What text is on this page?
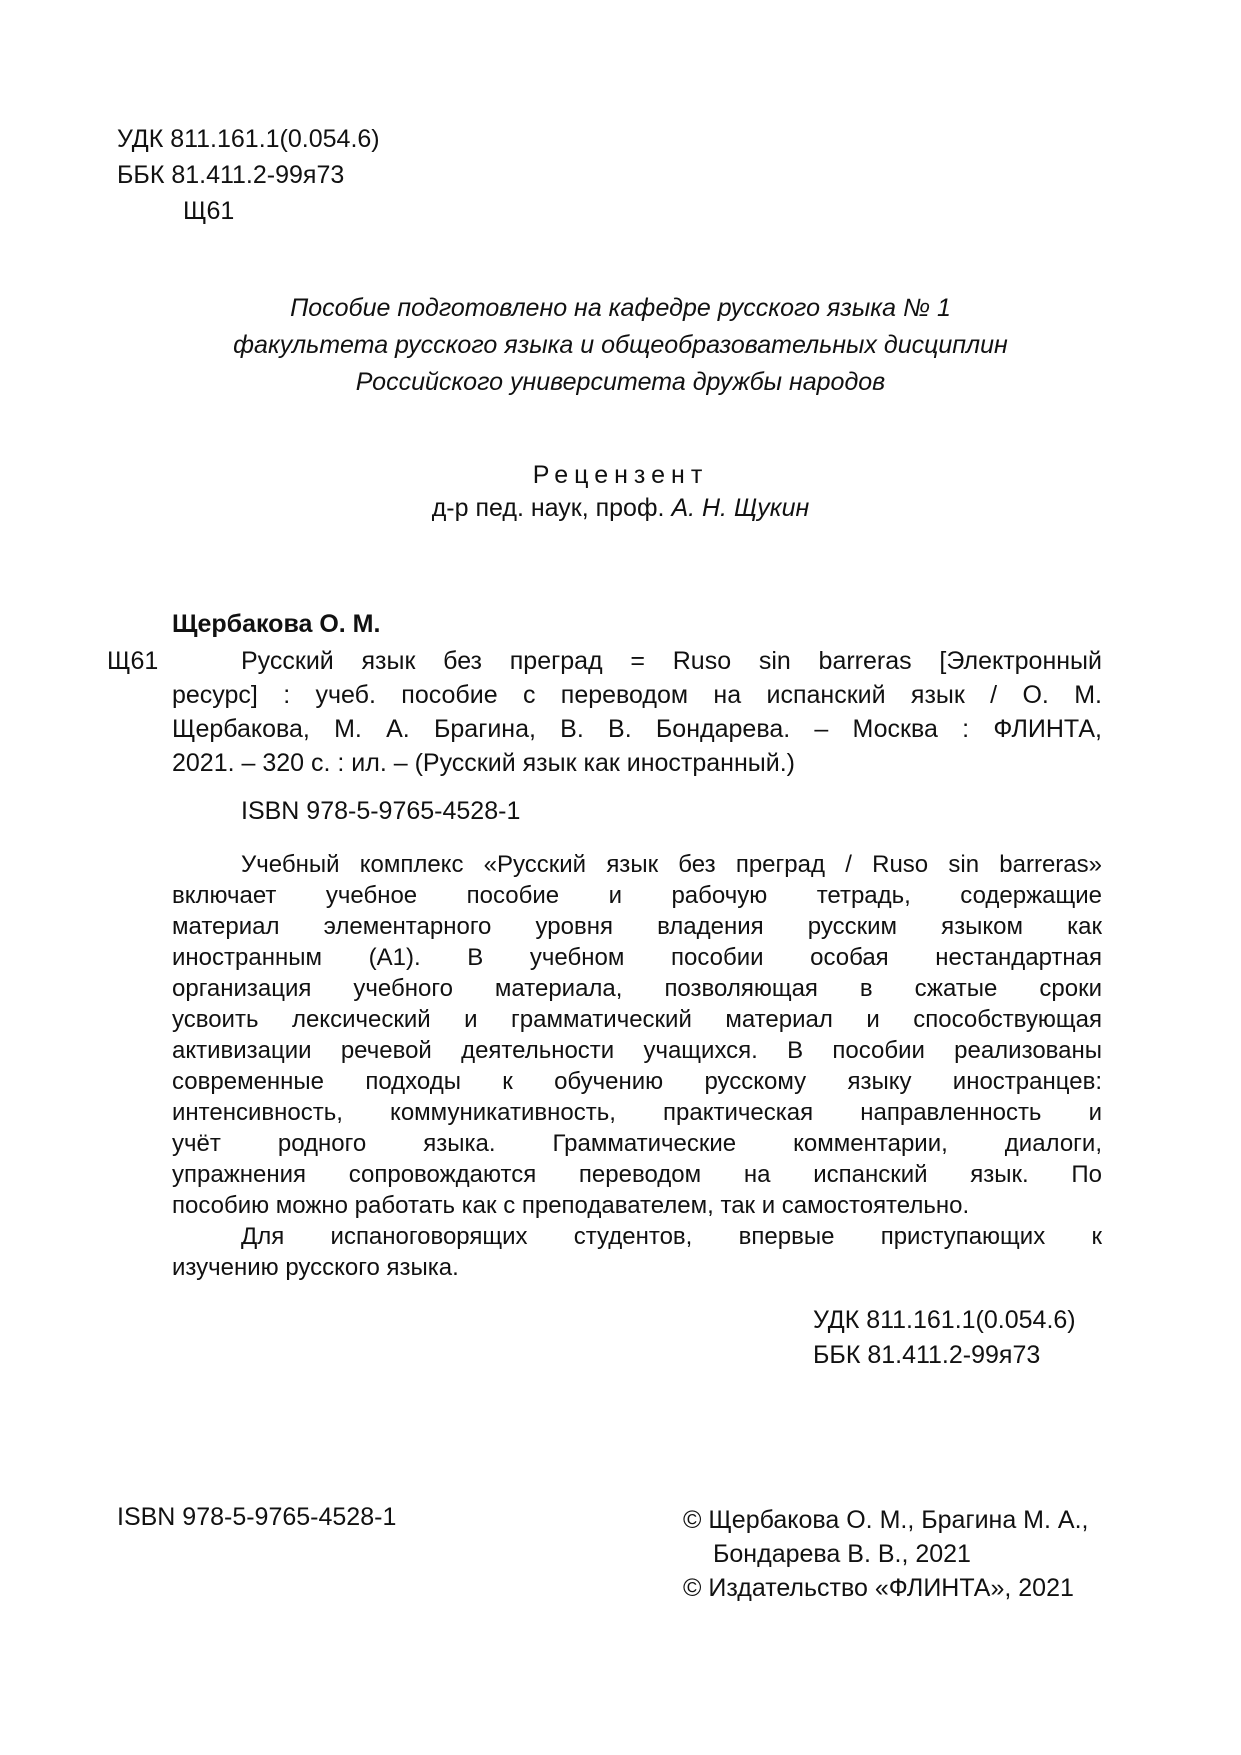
УДК 811.161.1(0.054.6)
ББК 81.411.2-99я73
Щ61
Пособие подготовлено на кафедре русского языка № 1
факультета русского языка и общеобразовательных дисциплин
Российского университета дружбы народов
Рецензент
д-р пед. наук, проф. А. Н. Щукин
Щербакова О. М.
Щ61	Русский язык без преград = Ruso sin barreras [Электронный
ресурс] : учеб. пособие с переводом на испанский язык / О. М.
Щербакова, М. А. Брагина, В. В. Бондарева. – Москва : ФЛИНТА,
2021. – 320 с. : ил. – (Русский язык как иностранный.)
ISBN 978-5-9765-4528-1
Учебный комплекс «Русский язык без преград / Ruso sin barreras»
включает учебное пособие и рабочую тетрадь, содержащие
материал элементарного уровня владения русским языком как
иностранным (А1). В учебном пособии особая нестандартная
организация учебного материала, позволяющая в сжатые сроки
усвоить лексический и грамматический материал и способствующая
активизации речевой деятельности учащихся. В пособии реализованы
современные подходы к обучению русскому языку иностранцев:
интенсивность, коммуникативность, практическая направленность и
учёт родного языка. Грамматические комментарии, диалоги,
упражнения сопровождаются переводом на испанский язык. По
пособию можно работать как с преподавателем, так и самостоятельно.
Для испаноговорящих студентов, впервые приступающих к
изучению русского языка.
УДК 811.161.1(0.054.6)
ББК 81.411.2-99я73
ISBN 978-5-9765-4528-1	© Щербакова О. М., Брагина М. А.,
Бондарева В. В., 2021
© Издательство «ФЛИНТА», 2021
